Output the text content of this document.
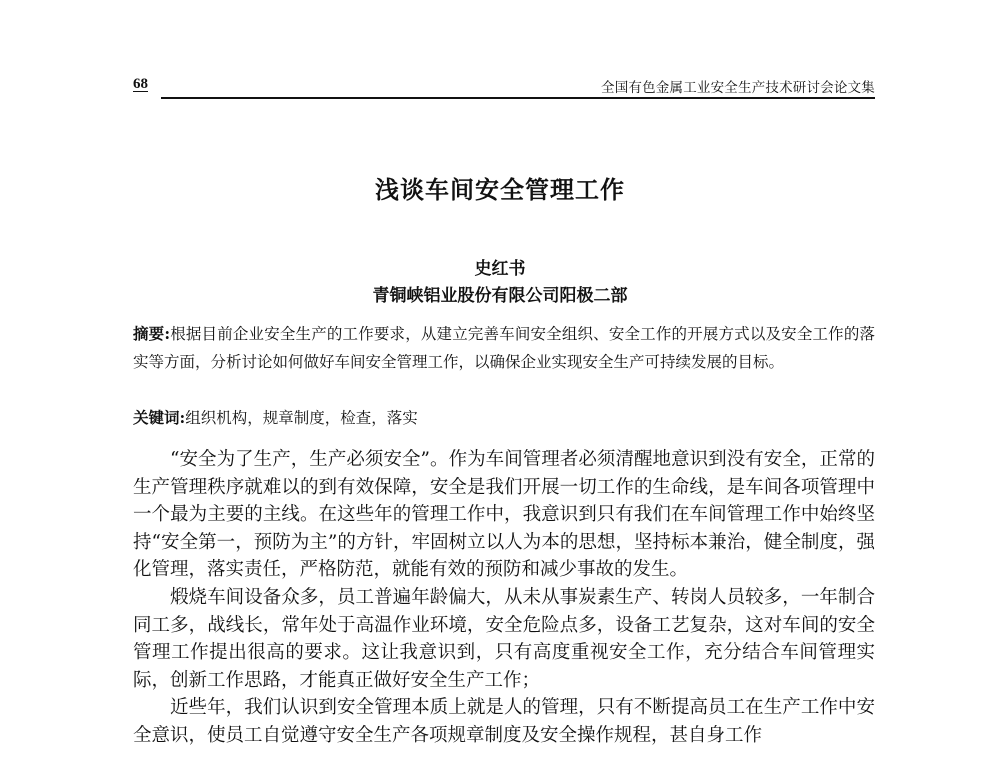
68	全国有色金属工业安全生产技术研讨会论文集
浅谈车间安全管理工作
史红书
青铜峡铝业股份有限公司阳极二部
摘要:根据目前企业安全生产的工作要求，从建立完善车间安全组织、安全工作的开展方式以及安全工作的落实等方面，分析讨论如何做好车间安全管理工作，以确保企业实现安全生产可持续发展的目标。
关键词:组织机构，规章制度，检查，落实

“安全为了生产，生产必须安全”。作为车间管理者必须清醒地意识到没有安全，正常的生产管理秩序就难以的到有效保障，安全是我们开展一切工作的生命线，是车间各项管理中一个最为主要的主线。在这些年的管理工作中，我意识到只有我们在车间管理工作中始终坚持“安全第一，预防为主”的方针，牢固树立以人为本的思想，坚持标本兼治，健全制度，强化管理，落实责任，严格防范，就能有效的预防和减少事故的发生。

煅烧车间设备众多，员工普遍年龄偏大，从未从事炭素生产、转岗人员较多，一年制合同工多，战线长，常年处于高温作业环境，安全危险点多，设备工艺复杂，这对车间的安全管理工作提出很高的要求。这让我意识到，只有高度重视安全工作，充分结合车间管理实际，创新工作思路，才能真正做好安全生产工作；

近些年，我们认识到安全管理本质上就是人的管理，只有不断提高员工在生产工作中安全意识，使员工自觉遵守安全生产各项规章制度及安全操作规程，甚自身工作
